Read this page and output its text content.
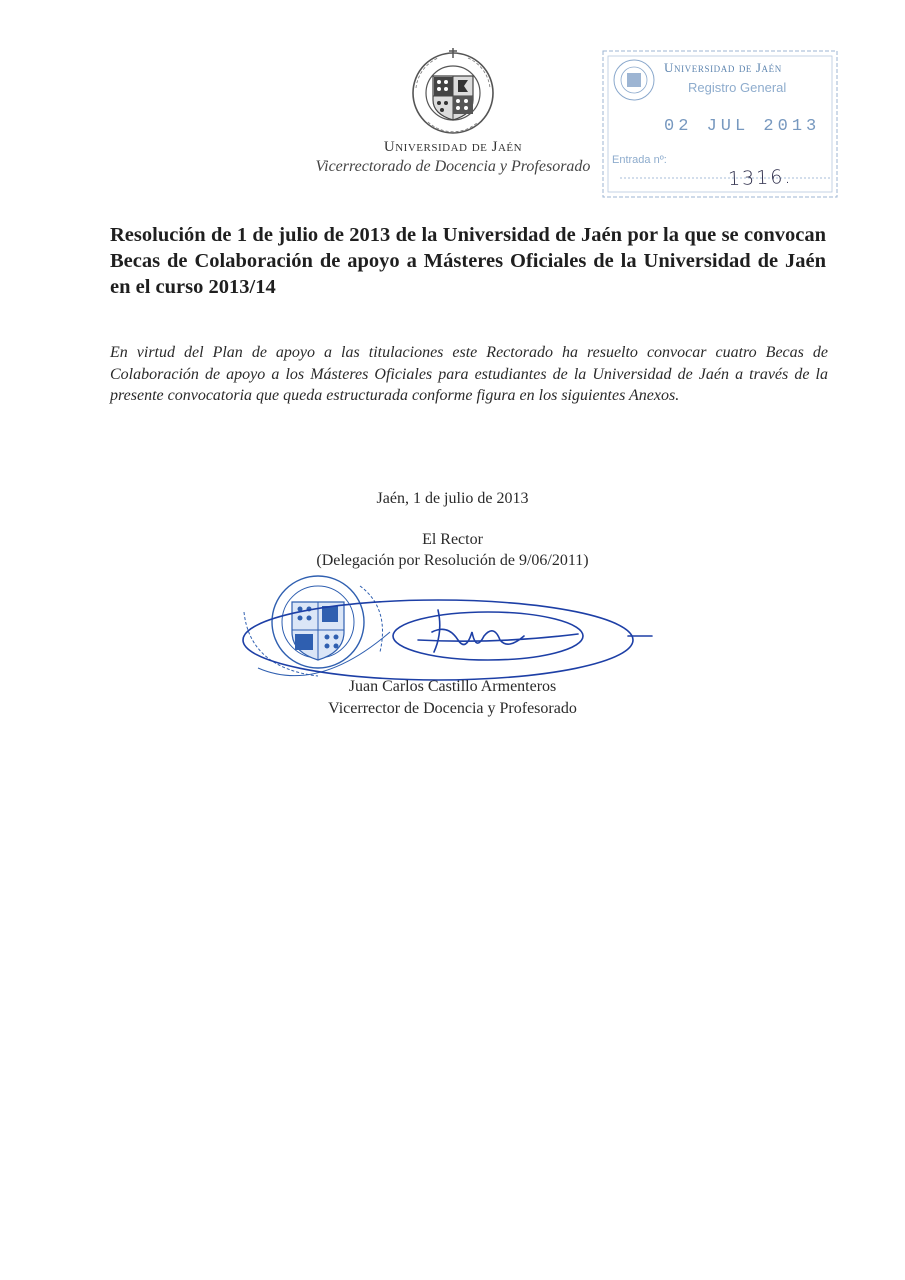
Universidad de Jaén
Vicerrectorado de Docencia y Profesorado
Universidad de Jaén
Registro General
02 JUL 2013
Entrada nº:
1316.
Resolución de 1 de julio de 2013 de la Universidad de Jaén por la que se convocan Becas de Colaboración de apoyo a Másteres Oficiales de la Universidad de Jaén en el curso 2013/14

En virtud del Plan de apoyo a las titulaciones este Rectorado ha resuelto convocar cuatro Becas de Colaboración de apoyo a los Másteres Oficiales para estudiantes de la Universidad de Jaén a través de la presente convocatoria que queda estructurada conforme figura en los siguientes Anexos.

Jaén, 1 de julio de 2013
El Rector
(Delegación por Resolución de 9/06/2011)
Juan Carlos Castillo Armenteros
Vicerrector de Docencia y Profesorado
